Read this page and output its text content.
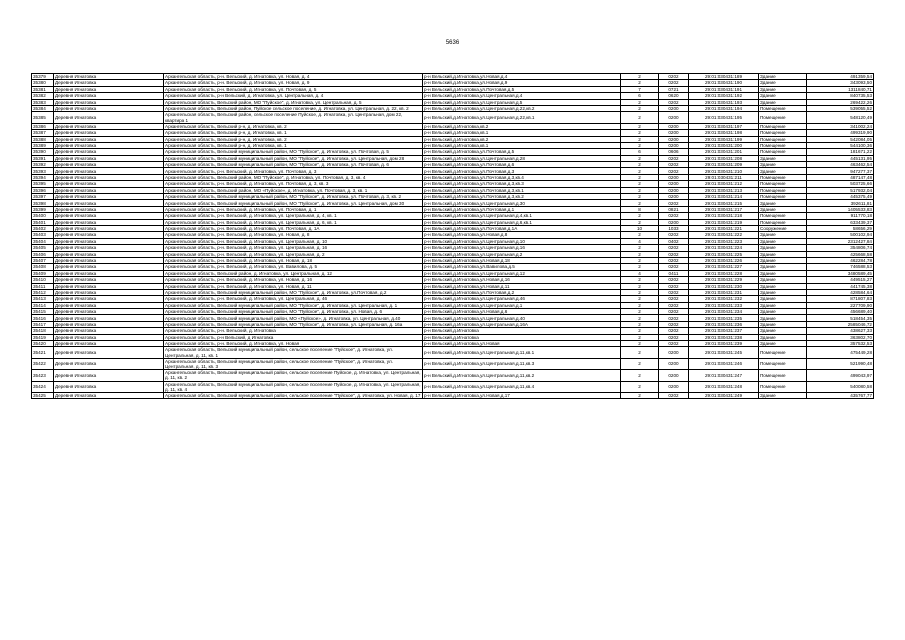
5636
35379	Деревня Игнатовка	Архангельская область, р-н. Вельский, д. Игнатовка, ул. Новая, д. 4	р-н Вельский,д.Игнатовка,ул.Новая,д.4	2	0202	29:01:030431:189	Здание	491359,54
35380	Деревня Игнатовка	Архангельская область, р-н. Вельский, д. Игнатовка, ул. Новая, д. 9	р-н Вельский,д.Игнатовка,ул.Новая,д.9	2	0202	29:01:030431:190	Здание	343093,50
35381	Деревня Игнатовка	Архангельская область, р-н. Вельский, д. Игнатовка, ул. Почтовая, д. 5	р-н Вельский,д.Игнатовка,ул.Почтовая,д.5	7	0721	29:01:030431:191	Здание	1311840,71
35382	Деревня Игнатовка	Архангельская область, р-н Вельский, д. Игнатовка, ул. Центральная, д. 4	р-н Вельский,д.Игнатовка,ул.Центральная,д.4	6	0620	29:01:030431:192	Здание	840735,53
35383	Деревня Игнатовка	Архангельская область, Вельский район, МО "Пуйское", д. Игнатовка, ул. Центральная, д. 5	р-н Вельский,д.Игнатовка,ул.Центральная,д.5	2	0202	29:01:030431:193	Здание	269422,26
35384	Деревня Игнатовка	Архангельская область, Вельский район, Пуйское сельское поселение, д. Игнатовка, ул. Центральная, д. 22, кв. 2	р-н Вельский,д.Игнатовка,ул.Центральная,д.22,кв.2	2	0200	29:01:030431:194	Помещение	539055,52
35385	Деревня Игнатовка	Архангельская область, Вельский район, сельское поселение Пуйское, д. Игнатовка, ул. Центральная, дом 22, квартира 1	р-н Вельский,д.Игнатовка,ул.Центральная,д.22,кв.1	2	0200	29:01:030431:195	Помещение	548120,49
35386	Деревня Игнатовка	Архангельская область, Вельский р-н, д. Игнатовка, кв. 2	р-н Вельский,д.Игнатовка,кв.2	2	0200	29:01:030431:197	Помещение	341002,24
35387	Деревня Игнатовка	Архангельская область, Вельский р-н, д. Игнатовка, кв. 1	р-н Вельский,д.Игнатовка,кв.1	2	0200	29:01:030431:198	Помещение	499319,90
35388	Деревня Игнатовка	Архангельская область, Вельский р-н, д. Игнатовка, кв. 2	р-н Вельский,д.Игнатовка,кв.2	2	0200	29:01:030431:199	Помещение	542084,05
35389	Деревня Игнатовка	Архангельская область, Вельский р-н, д. Игнатовка, кв. 1	р-н Вельский,д.Игнатовка,кв.1	2	0200	29:01:030431:200	Помещение	544100,36
35390	Деревня Игнатовка	Архангельская область, Вельский муниципальный район, МО "Пуйское", д. Игнатовка, ул. Почтовая, д. 5	р-н Вельский,д.Игнатовка,ул.Почтовая,д.5	6	0606	29:01:030431:201	Помещение	181671,22
35391	Деревня Игнатовка	Архангельская область, Вельский муниципальный район, МО "Пуйское", д. Игнатовка, ул. Центральная, дом 28	р-н Вельский,д.Игнатовка,ул.Центральная,д.28	2	0202	29:01:030431:208	Здание	445131,95
35392	Деревня Игнатовка	Архангельская область, Вельский муниципальный район, МО "Пуйское", д. Игнатовка, ул. Почтовая, д. 6	р-н Вельский,д.Игнатовка,ул.Почтовая,д.6	2	0202	29:01:030431:209	Здание	463462,54
35393	Деревня Игнатовка	Архангельская область, р-н. Вельский, д. Игнатовка, ул. Почтовая, д. 3	р-н Вельский,д.Игнатовка,ул.Почтовая,д.3	2	0202	29:01:030431:210	Здание	947277,37
35394	Деревня Игнатовка	Архангельская область, Вельский район, МО "Пуйское", д. Игнатовка, ул. Почтовая, д. 3, кв. 4	р-н Вельский,д.Игнатовка,ул.Почтовая,д.3,кв.4	2	0200	29:01:030431:211	Помещение	487147,48
35395	Деревня Игнатовка	Архангельская область, р-н. Вельский, д. Игнатовка, ул. Почтовая, д. 3, кв. 3	р-н Вельский,д.Игнатовка,ул.Почтовая,д.3,кв.3	2	0200	29:01:030431:212	Помещение	503725,66
35396	Деревня Игнатовка	Архангельская область, Вельский район, МО «Пуйское», д. Игнатовка, ул. Почтовая, д. 3, кв. 1	р-н Вельский,д.Игнатовка,ул.Почтовая,д.3,кв.1	2	0200	29:01:030431:213	Помещение	517932,04
35397	Деревня Игнатовка	Архангельская область, Вельский муниципальный район, МО "Пуйское", д. Игнатовка, ул. Почтовая, д. 3, кв. 2	р-н Вельский,д.Игнатовка,ул.Почтовая,д.3,кв.2	2	0200	29:01:030431:214	Помещение	445375,49
35398	Деревня Игнатовка	Архангельская область, Вельский муниципальный район, МО "Пуйское", д. Игнатовка, ул. Центральная, дом 30	р-н Вельский,д.Игнатовка,ул.Центральная,д.30	2	0202	29:01:030431:215	Здание	392611,81
35399	Деревня Игнатовка	Архангельская область, р-н. Вельский, д. Игнатовка, ул. Почтовая, д. 1	р-н Вельский,д.Игнатовка,ул.Почтовая,д.1	8	0821	29:01:030431:217	Здание	1405533,83
35400	Деревня Игнатовка	Архангельская область, р-н. Вельский, д. Игнатовка, ул. Центральная, д. 4, кв. 1	р-н Вельский,д.Игнатовка,ул.Центральная,д.4,кв.1	2	0202	29:01:030431:218	Помещение	911770,18
35401	Деревня Игнатовка	Архангельская область, р-н. Вельский, д. Игнатовка, ул. Центральная, д. 6, кв. 1	р-н Вельский,д.Игнатовка,ул.Центральная,д.6,кв.1	2	0200	29:01:030431:219	Помещение	633439,37
35402	Деревня Игнатовка	Архангельская область, р-н. Вельский, д. Игнатовка, ул. Почтовая, д. 1А	р-н Вельский,д.Игнатовка,ул.Почтовая,д.1А	10	1033	29:01:030431:221	Сооружение	58656,29
35403	Деревня Игнатовка	Архангельская область, р-н. Вельский, д. Игнатовка, ул. Новая, д. 8	р-н Вельский,д.Игнатовка,ул.Новая,д.8	2	0202	29:01:030431:222	Здание	500102,94
35404	Деревня Игнатовка	Архангельская область, р-н. Вельский, д. Игнатовка, ул. Центральная, д. 10	р-н Вельский,д.Игнатовка,ул.Центральная,д.10	4	0402	29:01:030431:223	Здание	2312427,84
35405	Деревня Игнатовка	Архангельская область, р-н. Вельский, д. Игнатовка, ул. Центральная, д. 16	р-н Вельский,д.Игнатовка,ул.Центральная,д.16	2	0202	29:01:030431:224	Здание	354806,74
35406	Деревня Игнатовка	Архангельская область, р-н. Вельский, д. Игнатовка, ул. Центральная, д. 2	р-н Вельский,д.Игнатовка,ул.Центральная,д.2	2	0202	29:01:030431:225	Здание	425668,58
35407	Деревня Игнатовка	Архангельская область, р-н. Вельский, д. Игнатовка, ул. Новая, д. 18	р-н Вельский,д.Игнатовка,ул.Новая,д.18	2	0202	29:01:030431:226	Здание	462284,78
35408	Деревня Игнатовка	Архангельская область, р-н. Вельский, д. Игнатовка, ул. Вавилова, д. 5	р-н Вельский,д.Игнатовка,ул.Вавилова,д.5	2	0202	29:01:030431:227	Здание	746588,53
35409	Деревня Игнатовка	Архангельская область, Вельский район, д. Игнатовка, ул. Центральная, д. 12	р-н Вельский,д.Игнатовка,ул.Центральная,д.12	4	0411	29:01:030431:228	Здание	3480589,45
35410	Деревня Игнатовка	Архангельская область, р-н. Вельский, д. Игнатовка, ул. Новая, д. 16	р-н Вельский,д.Игнатовка,ул.Новая,д.16	2	0202	29:01:030431:229	Здание	449515,27
35411	Деревня Игнатовка	Архангельская область, р-н. Вельский, д. Игнатовка, ул. Новая, д. 11	р-н Вельский,д.Игнатовка,ул.Новая,д.11	2	0202	29:01:030431:230	Здание	441745,38
35412	Деревня Игнатовка	Архангельская область, Вельский муниципальный район, МО "Пуйское", д. Игнатовка, ул.Почтовая, д.2	р-н Вельский,д.Игнатовка,ул.Почтовая,д.2	2	0202	29:01:030431:231	Здание	428584,64
35413	Деревня Игнатовка	Архангельская область, р-н. Вельский, д. Игнатовка, ул. Центральная, д. 46	р-н Вельский,д.Игнатовка,ул.Центральная,д.46	2	0202	29:01:030431:232	Здание	871807,83
35414	Деревня Игнатовка	Архангельская область, Вельский муниципальный район, МО "Пуйское", д. Игнатовка, ул. Центральная, д. 1	р-н Вельский,д.Игнатовка,ул.Центральная,д.1	2	0202	29:01:030431:233	Здание	227709,90
35415	Деревня Игнатовка	Архангельская область, Вельский муниципальный район, МО "Пуйское", д. Игнатовка, ул. Новая, д. 6	р-н Вельский,д.Игнатовка,ул.Новая,д.6	2	0202	29:01:030431:234	Здание	456689,40
35416	Деревня Игнатовка	Архангельская область, Вельский муниципальный район, МО «Пуйское», д. Игнатовка, ул. Центральная, д.40	р-н Вельский,д.Игнатовка,ул.Центральная,д.40	2	0202	29:01:030431:235	Здание	518454,35
35417	Деревня Игнатовка	Архангельская область, Вельский муниципальный район, МО "Пуйское", д. Игнатовка, ул. Центральная, д. 16а	р-н Вельский,д.Игнатовка,ул.Центральная,д.16А	2	0202	29:01:030431:236	Здание	2585046,72
35418	Деревня Игнатовка	Архангельская область, р-н. Вельский, д. Игнатовка	р-н Вельский,д.Игнатовка	2	0202	29:01:030431:237	Здание	438627,33
35419	Деревня Игнатовка	Архангельская область, р-н Вельский, д Игнатовка	р-н Вельский,д.Игнатовка	2	0202	29:01:030431:238	Здание	363802,70
35420	Деревня Игнатовка	Архангельская область, р-н. Вельский, д. Игнатовка, ул. Новая	р-н Вельский,д.Игнатовка,ул.Новая	2	0202	29:01:030431:239	Здание	357532,53
35421	Деревня Игнатовка	Архангельская область, Вельский муниципальный район, сельское поселение "Пуйское", д. Игнатовка, ул. Центральная, д. 11, кв. 1	р-н Вельский,д.Игнатовка,ул.Центральная,д.11,кв.1	2	0200	29:01:030431:245	Помещение	475449,28
35422	Деревня Игнатовка	Архангельская область, Вельский муниципальный район, сельское поселение "Пуйское", д. Игнатовка, ул. Центральная, д. 11, кв. 3	р-н Вельский,д.Игнатовка,ул.Центральная,д.11,кв.3	2	0200	29:01:030431:246	Помещение	521990,48
35423	Деревня Игнатовка	Архангельская область, Вельский муниципальный район, сельское поселение Пуйское, д. Игнатовка, ул. Центральная, д. 11, кв. 2	р-н Вельский,д.Игнатовка,ул.Центральная,д.11,кв.2	2	0200	29:01:030431:247	Помещение	499043,97
35424	Деревня Игнатовка	Архангельская область, Вельский муниципальный район, сельское поселение Пуйское, д. Игнатовка, ул. Центральная, д. 11, кв. 4	р-н Вельский,д.Игнатовка,ул.Центральная,д.11,кв.4	2	0200	29:01:030431:248	Помещение	540080,58
35425	Деревня Игнатовка	Архангельская область, Вельский муниципальный район, сельское поселение "Пуйское", д. Игнатовка, ул. Новая, д. 17	р-н Вельский,д.Игнатовка,ул.Новая,д.17	2	0202	29:01:030431:249	Здание	435767,77
